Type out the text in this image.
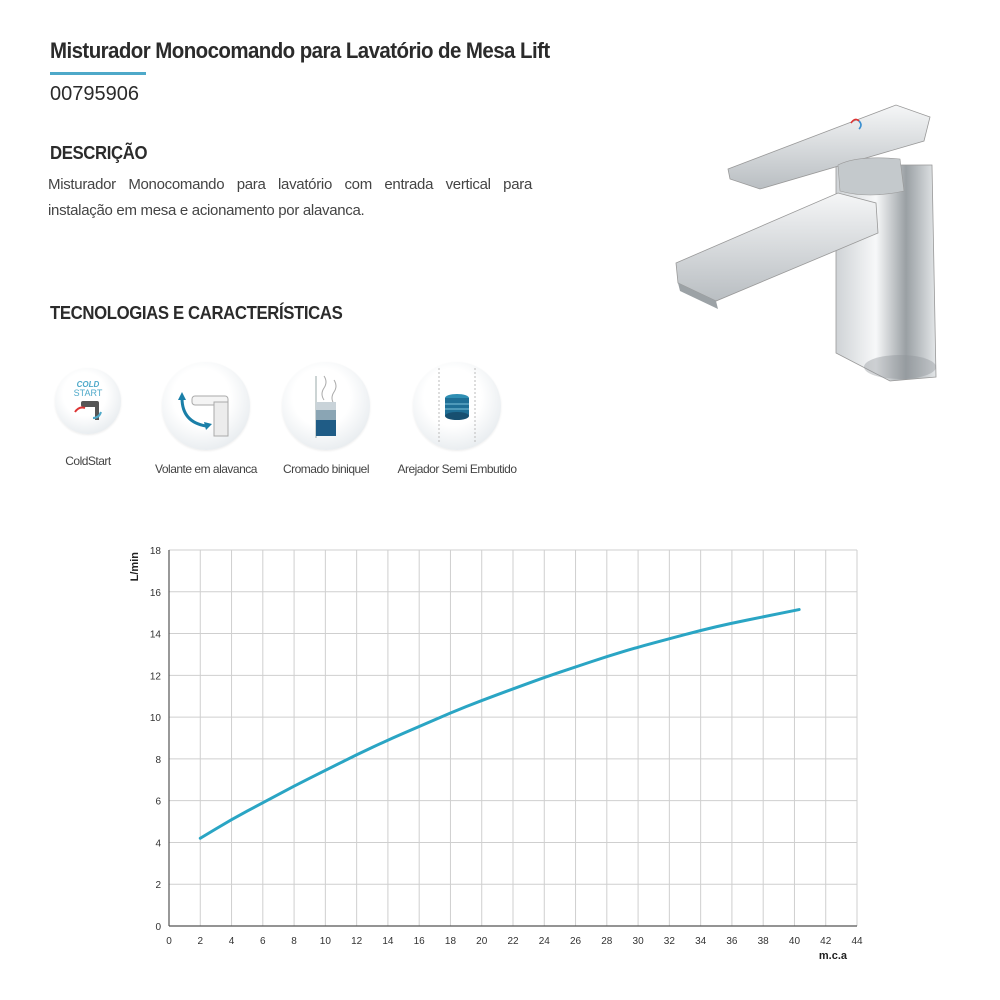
Misturador Monocomando para Lavatório de Mesa Lift
00795906
DESCRIÇÃO
Misturador Monocomando para lavatório com entrada vertical para instalação em mesa e acionamento por alavanca.
TECNOLOGIAS E CARACTERÍSTICAS
COLD
START
ColdStart
Volante em alavanca	Cromado biniquel	Arejador Semi Embutido
0	2	4	6	8 10 12 14 16 18 20 22 24 26 28 30 32 34 36 38 40 42 44
0
2
4
6
8
10
12
14
16
18
L/min
m.c.a
